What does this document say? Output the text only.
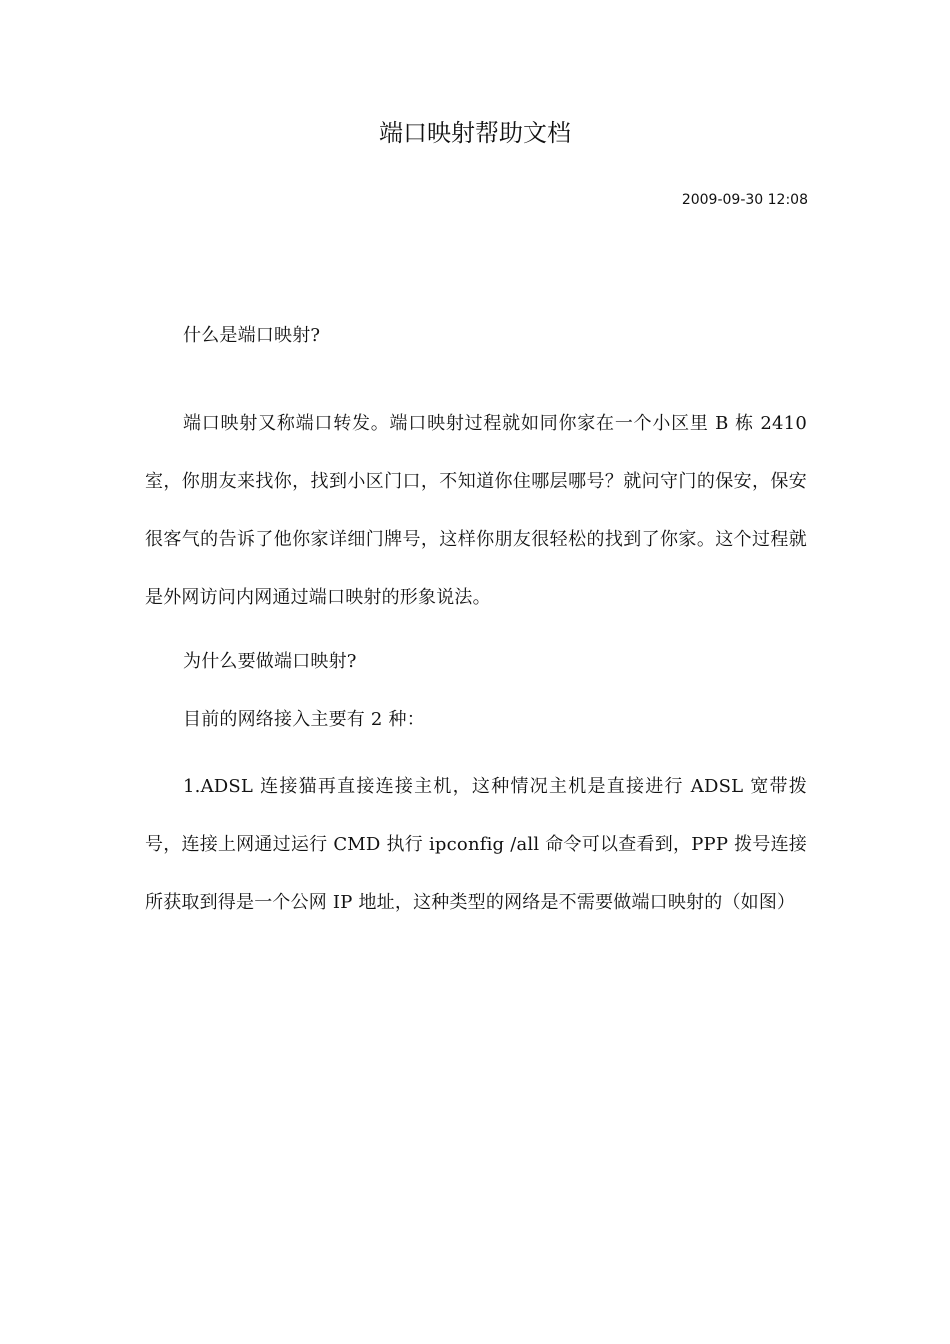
端口映射帮助文档
2009-09-30 12:08

什么是端口映射?

端口映射又称端口转发。端口映射过程就如同你家在一个小区里 B 栋 2410 室，你朋友来找你，找到小区门口，不知道你住哪层哪号？就问守门的保安，保安很客气的告诉了他你家详细门牌号，这样你朋友很轻松的找到了你家。这个过程就是外网访问内网通过端口映射的形象说法。

为什么要做端口映射?

目前的网络接入主要有 2 种：

1.ADSL 连接猫再直接连接主机，这种情况主机是直接进行 ADSL 宽带拨号，连接上网通过运行 CMD 执行 ipconfig /all 命令可以查看到，PPP 拨号连接所获取到得是一个公网 IP 地址，这种类型的网络是不需要做端口映射的（如图）
